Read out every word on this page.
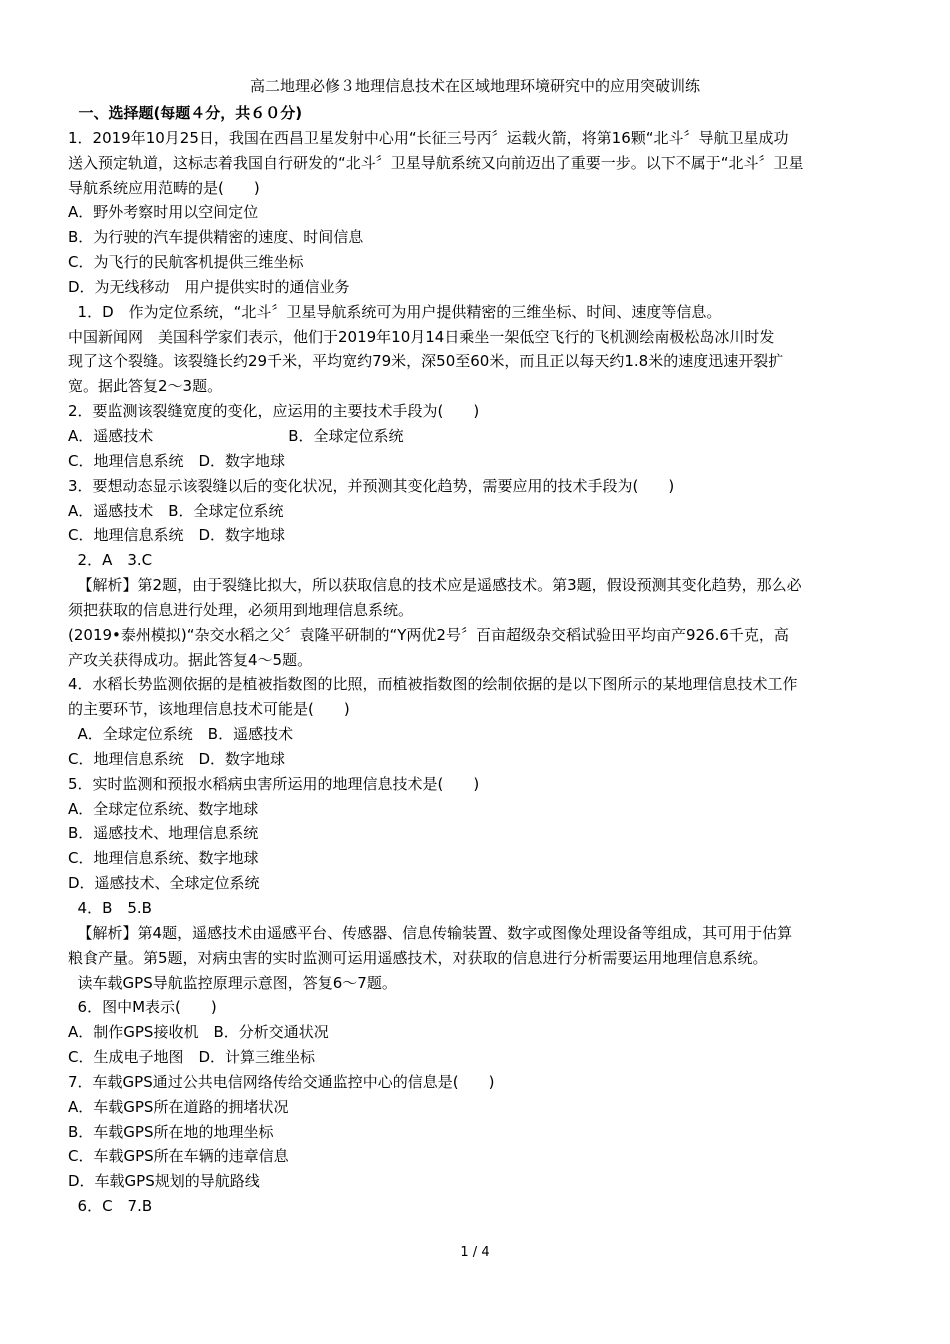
高二地理必修３地理信息技术在区域地理环境研究中的应用突破训练
一、选择题(每题４分，共６０分)
1．2019年10月25日，我国在西昌卫星发射中心用“长征三号丙〞运载火箭，将第16颗“北斗〞导航卫星成功
送入预定轨道，这标志着我国自行研发的“北斗〞卫星导航系统又向前迈出了重要一步。以下不属于“北斗〞卫星
导航系统应用范畴的是(　　)
A．野外考察时用以空间定位
B．为行驶的汽车提供精密的速度、时间信息
C．为飞行的民航客机提供三维坐标
D．为无线移动　用户提供实时的通信业务
1．D　作为定位系统，“北斗〞卫星导航系统可为用户提供精密的三维坐标、时间、速度等信息。
中国新闻网　美国科学家们表示，他们于2019年10月14日乘坐一架低空飞行的飞机测绘南极松岛冰川时发
现了这个裂缝。该裂缝长约29千米，平均宽约79米，深50至60米，而且正以每天约1.8米的速度迅速开裂扩
宽。据此答复2～3题。
2．要监测该裂缝宽度的变化，应运用的主要技术手段为(　　)
A．遥感技术　　　　　　　　　B．全球定位系统
C．地理信息系统　D．数字地球
3．要想动态显示该裂缝以后的变化状况，并预测其变化趋势，需要应用的技术手段为(　　)
A．遥感技术　B．全球定位系统
C．地理信息系统　D．数字地球
2．A　3.C
【解析】第2题，由于裂缝比拟大，所以获取信息的技术应是遥感技术。第3题，假设预测其变化趋势，那么必
须把获取的信息进行处理，必须用到地理信息系统。
(2019•泰州模拟)“杂交水稻之父〞袁隆平研制的“Y两优2号〞百亩超级杂交稻试验田平均亩产926.6千克，高
产攻关获得成功。据此答复4～5题。
4．水稻长势监测依据的是植被指数图的比照，而植被指数图的绘制依据的是以下图所示的某地理信息技术工作
的主要环节，该地理信息技术可能是(　　)
A．全球定位系统　B．遥感技术
C．地理信息系统　D．数字地球
5．实时监测和预报水稻病虫害所运用的地理信息技术是(　　)
A．全球定位系统、数字地球
B．遥感技术、地理信息系统
C．地理信息系统、数字地球
D．遥感技术、全球定位系统
4．B　5.B
【解析】第4题，遥感技术由遥感平台、传感器、信息传输装置、数字或图像处理设备等组成，其可用于估算
粮食产量。第5题，对病虫害的实时监测可运用遥感技术，对获取的信息进行分析需要运用地理信息系统。
读车载GPS导航监控原理示意图，答复6～7题。
6．图中M表示(　　)
A．制作GPS接收机　B．分析交通状况
C．生成电子地图　D．计算三维坐标
7．车载GPS通过公共电信网络传给交通监控中心的信息是(　　)
A．车载GPS所在道路的拥堵状况
B．车载GPS所在地的地理坐标
C．车载GPS所在车辆的违章信息
D．车载GPS规划的导航路线
6．C　7.B
1 / 4
